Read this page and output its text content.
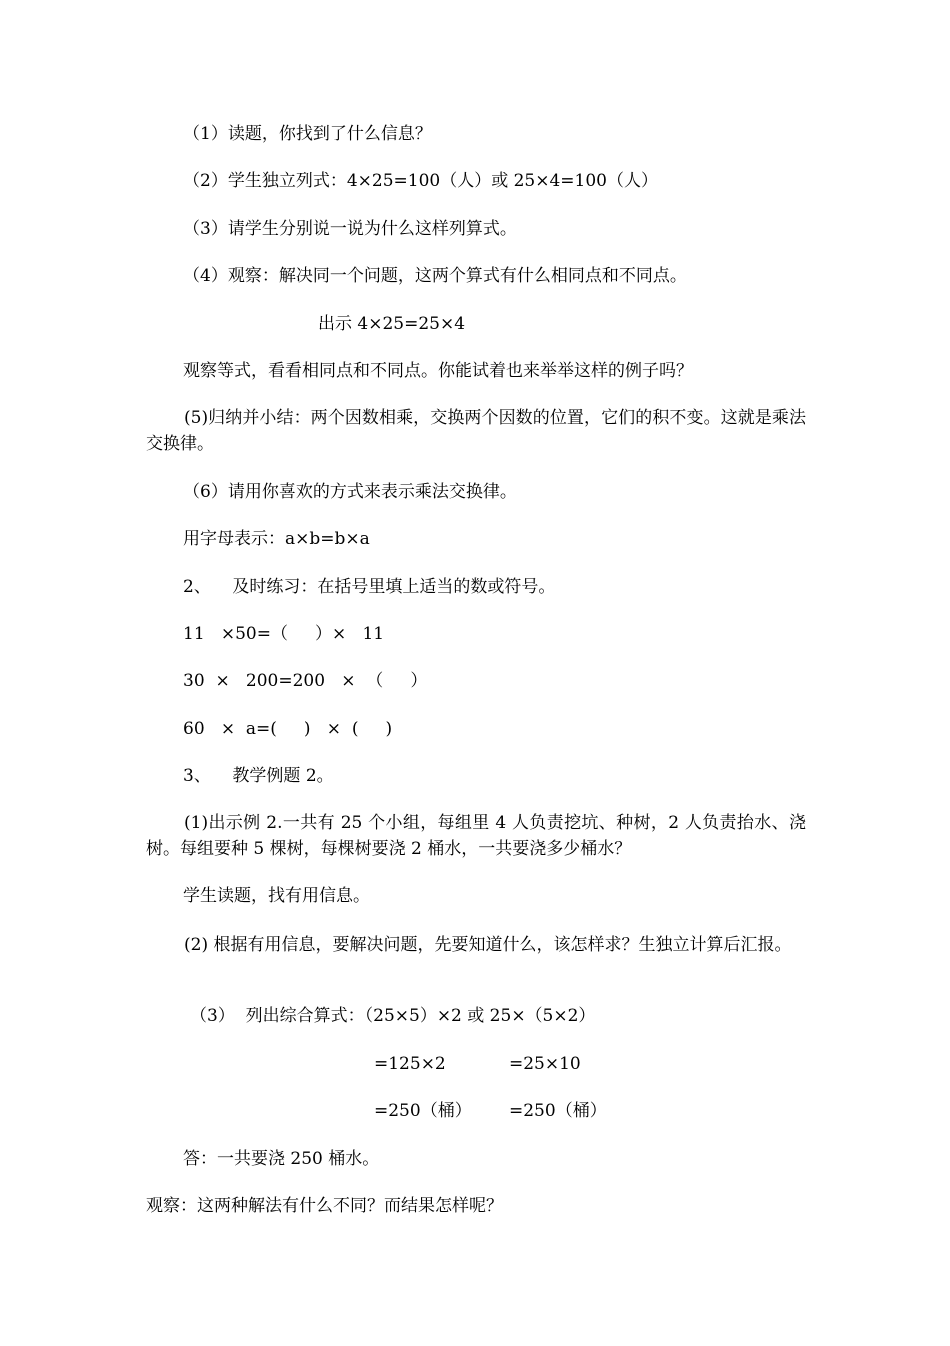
（1）读题，你找到了什么信息？
（2）学生独立列式：4×25=100（人）或 25×4=100（人）
（3）请学生分别说一说为什么这样列算式。
（4）观察：解决同一个问题，这两个算式有什么相同点和不同点。
出示 4×25=25×4
观察等式，看看相同点和不同点。你能试着也来举举这样的例子吗？
(5)归纳并小结：两个因数相乘，交换两个因数的位置，它们的积不变。这就是乘法交换律。
（6）请用你喜欢的方式来表示乘法交换律。
用字母表示：a×b=b×a
2、    及时练习：在括号里填上适当的数或符号。
11   ×50=（     ）×   11
30  ×   200=200   ×  （     ）
60   ×  a=(     )   ×  (     )
3、    教学例题 2。
(1)出示例 2.一共有 25 个小组，每组里 4 人负责挖坑、种树，2 人负责抬水、浇树。每组要种 5 棵树，每棵树要浇 2 桶水，一共要浇多少桶水？
学生读题，找有用信息。
(2) 根据有用信息，要解决问题，先要知道什么，该怎样求？生独立计算后汇报。
（3）  列出综合算式：（25×5）×2 或 25×（5×2）
=125×2	=25×10
=250（桶） =250（桶）
答：一共要浇 250 桶水。
观察：这两种解法有什么不同？而结果怎样呢？
